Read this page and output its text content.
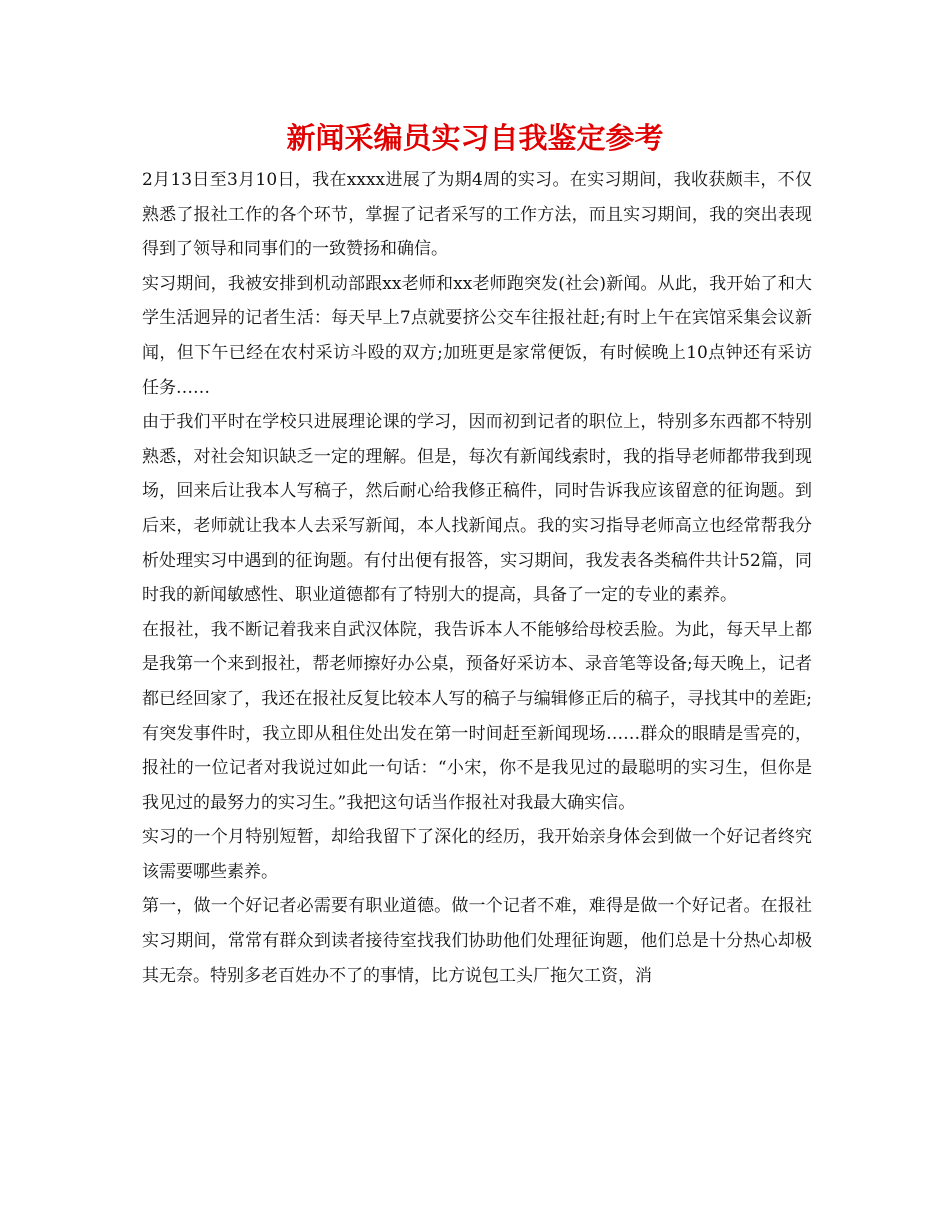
新闻采编员实习自我鉴定参考

2月13日至3月10日，我在xxxx进展了为期4周的实习。在实习期间，我收获颇丰，不仅熟悉了报社工作的各个环节，掌握了记者采写的工作方法，而且实习期间，我的突出表现得到了领导和同事们的一致赞扬和确信。

实习期间，我被安排到机动部跟xx老师和xx老师跑突发(社会)新闻。从此，我开始了和大学生活迥异的记者生活：每天早上7点就要挤公交车往报社赶;有时上午在宾馆采集会议新闻，但下午已经在农村采访斗殴的双方;加班更是家常便饭，有时候晚上10点钟还有采访任务……

由于我们平时在学校只进展理论课的学习，因而初到记者的职位上，特别多东西都不特别熟悉，对社会知识缺乏一定的理解。但是，每次有新闻线索时，我的指导老师都带我到现场，回来后让我本人写稿子，然后耐心给我修正稿件，同时告诉我应该留意的征询题。到后来，老师就让我本人去采写新闻，本人找新闻点。我的实习指导老师高立也经常帮我分析处理实习中遇到的征询题。有付出便有报答，实习期间，我发表各类稿件共计52篇，同时我的新闻敏感性、职业道德都有了特别大的提高，具备了一定的专业的素养。

在报社，我不断记着我来自武汉体院，我告诉本人不能够给母校丢脸。为此，每天早上都是我第一个来到报社，帮老师擦好办公桌，预备好采访本、录音笔等设备;每天晚上，记者都已经回家了，我还在报社反复比较本人写的稿子与编辑修正后的稿子，寻找其中的差距;有突发事件时，我立即从租住处出发在第一时间赶至新闻现场……群众的眼睛是雪亮的，报社的一位记者对我说过如此一句话：“小宋，你不是我见过的最聪明的实习生，但你是我见过的最努力的实习生。”我把这句话当作报社对我最大确实信。

实习的一个月特别短暂，却给我留下了深化的经历，我开始亲身体会到做一个好记者终究该需要哪些素养。

第一，做一个好记者必需要有职业道德。做一个记者不难，难得是做一个好记者。在报社实习期间，常常有群众到读者接待室找我们协助他们处理征询题，他们总是十分热心却极其无奈。特别多老百姓办不了的事情，比方说包工头厂拖欠工资，消
